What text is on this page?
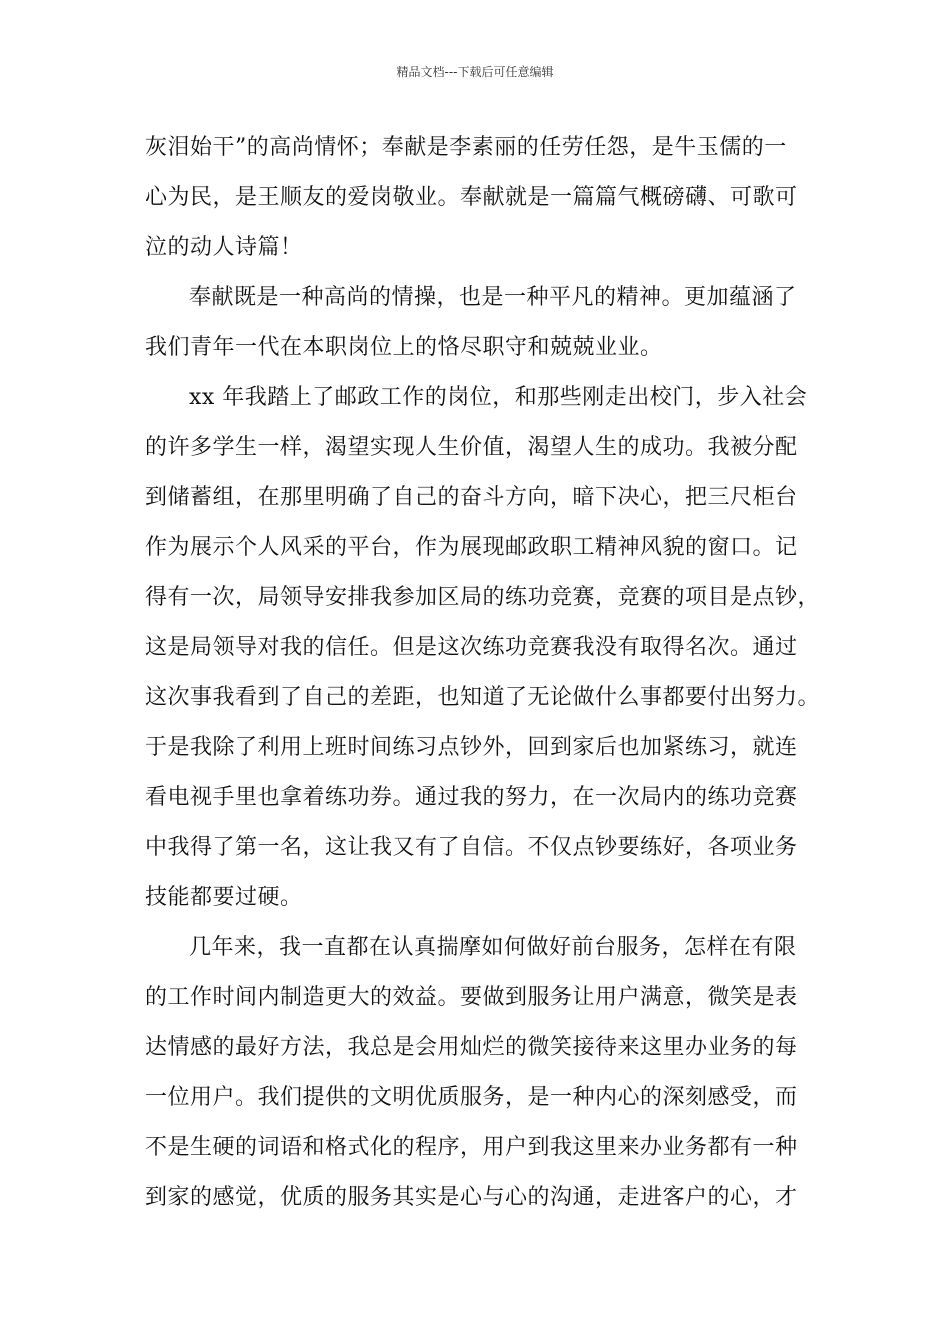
精品文档---下载后可任意编辑
灰泪始干”的高尚情怀；奉献是李素丽的任劳任怨，是牛玉儒的一
心为民，是王顺友的爱岗敬业。奉献就是一篇篇气概磅礴、可歌可
泣的动人诗篇！
奉献既是一种高尚的情操，也是一种平凡的精神。更加蕴涵了
我们青年一代在本职岗位上的恪尽职守和兢兢业业。
xx 年我踏上了邮政工作的岗位，和那些刚走出校门，步入社会
的许多学生一样，渴望实现人生价值，渴望人生的成功。我被分配
到储蓄组，在那里明确了自己的奋斗方向，暗下决心，把三尺柜台
作为展示个人风采的平台，作为展现邮政职工精神风貌的窗口。记
得有一次，局领导安排我参加区局的练功竞赛，竞赛的项目是点钞，
这是局领导对我的信任。但是这次练功竞赛我没有取得名次。通过
这次事我看到了自己的差距，也知道了无论做什么事都要付出努力。
于是我除了利用上班时间练习点钞外，回到家后也加紧练习，就连
看电视手里也拿着练功券。通过我的努力，在一次局内的练功竞赛
中我得了第一名，这让我又有了自信。不仅点钞要练好，各项业务
技能都要过硬。
几年来，我一直都在认真揣摩如何做好前台服务，怎样在有限
的工作时间内制造更大的效益。要做到服务让用户满意，微笑是表
达情感的最好方法，我总是会用灿烂的微笑接待来这里办业务的每
一位用户。我们提供的文明优质服务，是一种内心的深刻感受，而
不是生硬的词语和格式化的程序，用户到我这里来办业务都有一种
到家的感觉，优质的服务其实是心与心的沟通，走进客户的心，才
